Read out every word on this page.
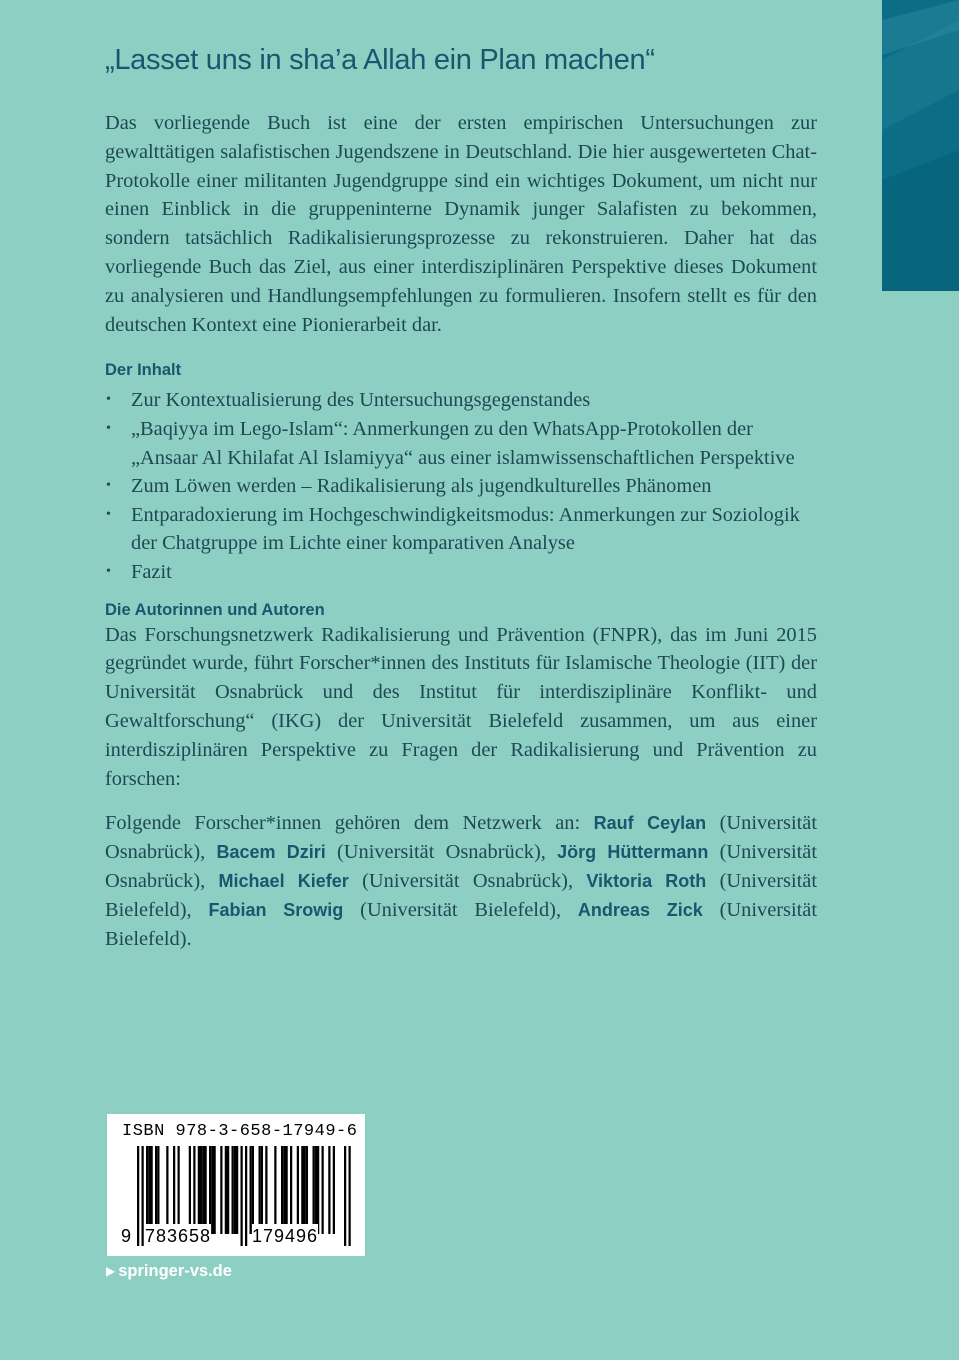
„Lasset uns in sha’a Allah ein Plan machen“

Das vorliegende Buch ist eine der ersten empirischen Untersuchungen zur gewalttätigen salafistischen Jugendszene in Deutschland. Die hier ausgewerteten Chat-Protokolle einer militanten Jugendgruppe sind ein wichtiges Dokument, um nicht nur einen Einblick in die gruppeninterne Dynamik junger Salafisten zu bekommen, sondern tatsächlich Radikalisierungsprozesse zu rekonstruieren. Daher hat das vorliegende Buch das Ziel, aus einer interdisziplinären Perspektive dieses Dokument zu analysieren und Handlungsempfehlungen zu formulieren. Insofern stellt es für den deutschen Kontext eine Pionierarbeit dar.

Der Inhalt

• Zur Kontextualisierung des Untersuchungsgegenstandes
• „Baqiyya im Lego-Islam“: Anmerkungen zu den WhatsApp-Protokollen der „Ansaar Al Khilafat Al Islamiyya“ aus einer islamwissenschaftlichen Perspektive
• Zum Löwen werden – Radikalisierung als jugendkulturelles Phänomen
• Entparadoxierung im Hochgeschwindigkeitsmodus: Anmerkungen zur Soziologik der Chatgruppe im Lichte einer komparativen Analyse
• Fazit

Die Autorinnen und Autoren

Das Forschungsnetzwerk Radikalisierung und Prävention (FNPR), das im Juni 2015 gegründet wurde, führt Forscher*innen des Instituts für Islamische Theologie (IIT) der Universität Osnabrück und des Institut für interdisziplinäre Konflikt- und Gewaltforschung“ (IKG) der Universität Bielefeld zusammen, um aus einer interdisziplinären Perspektive zu Fragen der Radikalisierung und Prävention zu forschen:

Folgende Forscher*innen gehören dem Netzwerk an: Rauf Ceylan (Universität Osnabrück), Bacem Dziri (Universität Osnabrück), Jörg Hüttermann (Universität Osnabrück), Michael Kiefer (Universität Osnabrück), Viktoria Roth (Universität Bielefeld), Fabian Srowig (Universität Bielefeld), Andreas Zick (Universität Bielefeld).

ISBN 978-3-658-17949-6
9 783658 179496
▶ springer-vs.de
